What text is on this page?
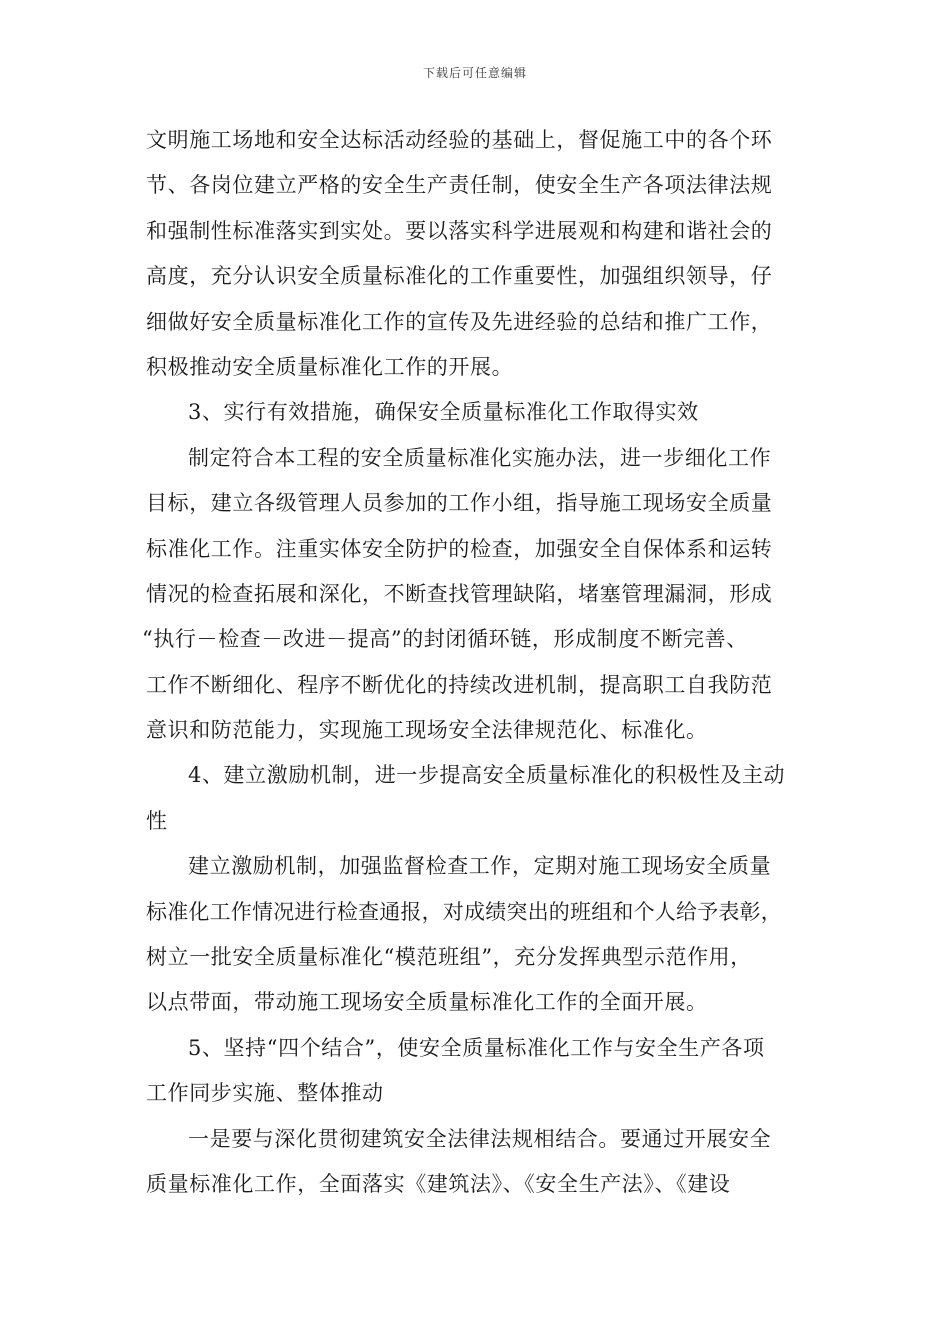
下载后可任意编辑
文明施工场地和安全达标活动经验的基础上，督促施工中的各个环
节、各岗位建立严格的安全生产责任制，使安全生产各项法律法规
和强制性标准落实到实处。要以落实科学进展观和构建和谐社会的
高度，充分认识安全质量标准化的工作重要性，加强组织领导，仔
细做好安全质量标准化工作的宣传及先进经验的总结和推广工作，
积极推动安全质量标准化工作的开展。
3、实行有效措施，确保安全质量标准化工作取得实效
制定符合本工程的安全质量标准化实施办法，进一步细化工作
目标，建立各级管理人员参加的工作小组，指导施工现场安全质量
标准化工作。注重实体安全防护的检查，加强安全自保体系和运转
情况的检查拓展和深化，不断查找管理缺陷，堵塞管理漏洞，形成
“执行－检查－改进－提高”的封闭循环链，形成制度不断完善、
工作不断细化、程序不断优化的持续改进机制，提高职工自我防范
意识和防范能力，实现施工现场安全法律规范化、标准化。
4、建立激励机制，进一步提高安全质量标准化的积极性及主动
性
建立激励机制，加强监督检查工作，定期对施工现场安全质量
标准化工作情况进行检查通报，对成绩突出的班组和个人给予表彰，
树立一批安全质量标准化“模范班组”，充分发挥典型示范作用，
以点带面，带动施工现场安全质量标准化工作的全面开展。
5、坚持“四个结合”，使安全质量标准化工作与安全生产各项
工作同步实施、整体推动
一是要与深化贯彻建筑安全法律法规相结合。要通过开展安全
质量标准化工作，全面落实《建筑法》、《安全生产法》、《建设
